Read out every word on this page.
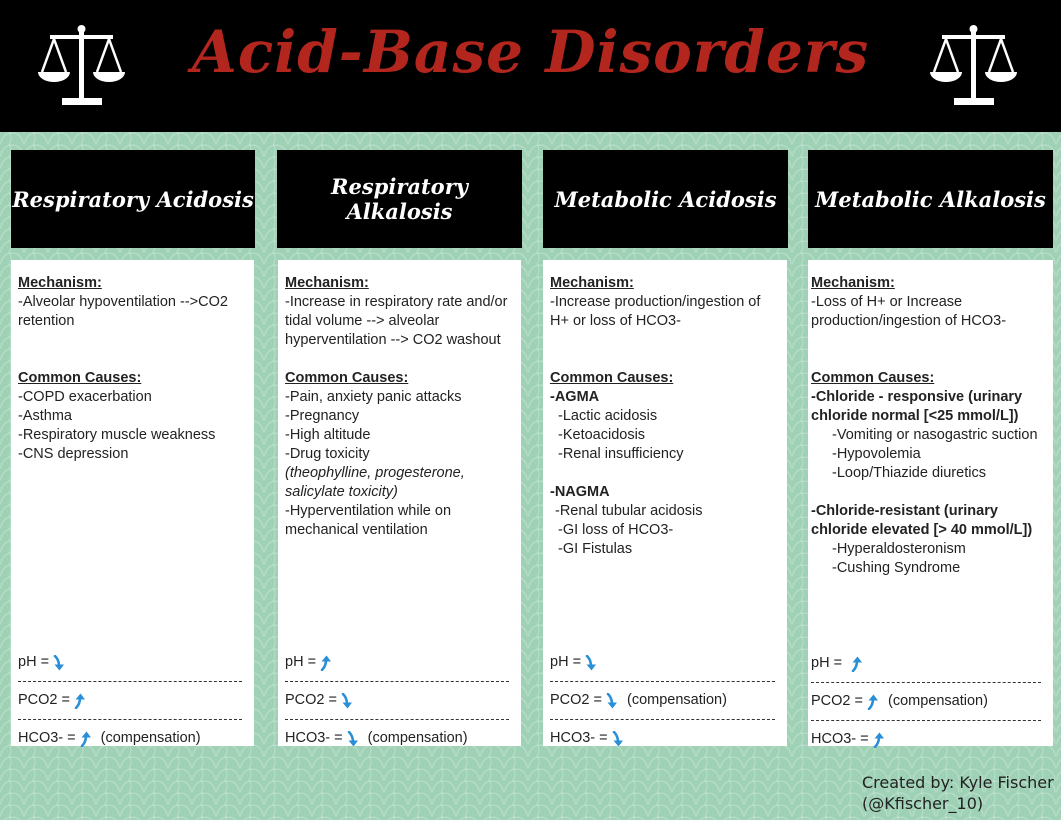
Acid-Base Disorders
Respiratory Acidosis	Respiratory Alkalosis	Metabolic Acidosis	Metabolic Alkalosis
Mechanism:
-Alveolar hypoventilation -->CO2
retention
Common Causes:
-COPD exacerbation
-Asthma
-Respiratory muscle weakness
-CNS depression
pH =
PCO2 =
HCO3- = (compensation)
Mechanism:
-Increase in respiratory rate and/or
tidal volume --> alveolar
hyperventilation --> CO2 washout
Common Causes:
-Pain, anxiety panic attacks
-Pregnancy
-High altitude
-Drug toxicity
(theophylline, progesterone,
salicylate toxicity)
-Hyperventilation while on
mechanical ventilation
pH =
PCO2 =
HCO3- = (compensation)
Mechanism:
-Increase production/ingestion of
H+ or loss of HCO3-
Common Causes:
-AGMA
-Lactic acidosis
-Ketoacidosis
-Renal insufficiency
-NAGMA
-Renal tubular acidosis
-GI loss of HCO3-
-GI Fistulas
pH =
PCO2 = (compensation)
HCO3- =
Mechanism:
-Loss of H+ or Increase
production/ingestion of HCO3-
Common Causes:
-Chloride - responsive (urinary
chloride normal [<25 mmol/L])
-Vomiting or nasogastric suction
-Hypovolemia
-Loop/Thiazide diuretics
-Chloride-resistant (urinary
chloride elevated [> 40 mmol/L])
-Hyperaldosteronism
-Cushing Syndrome
pH =
PCO2 = (compensation)
HCO3- =
Created by: Kyle Fischer
(@Kfischer_10)
